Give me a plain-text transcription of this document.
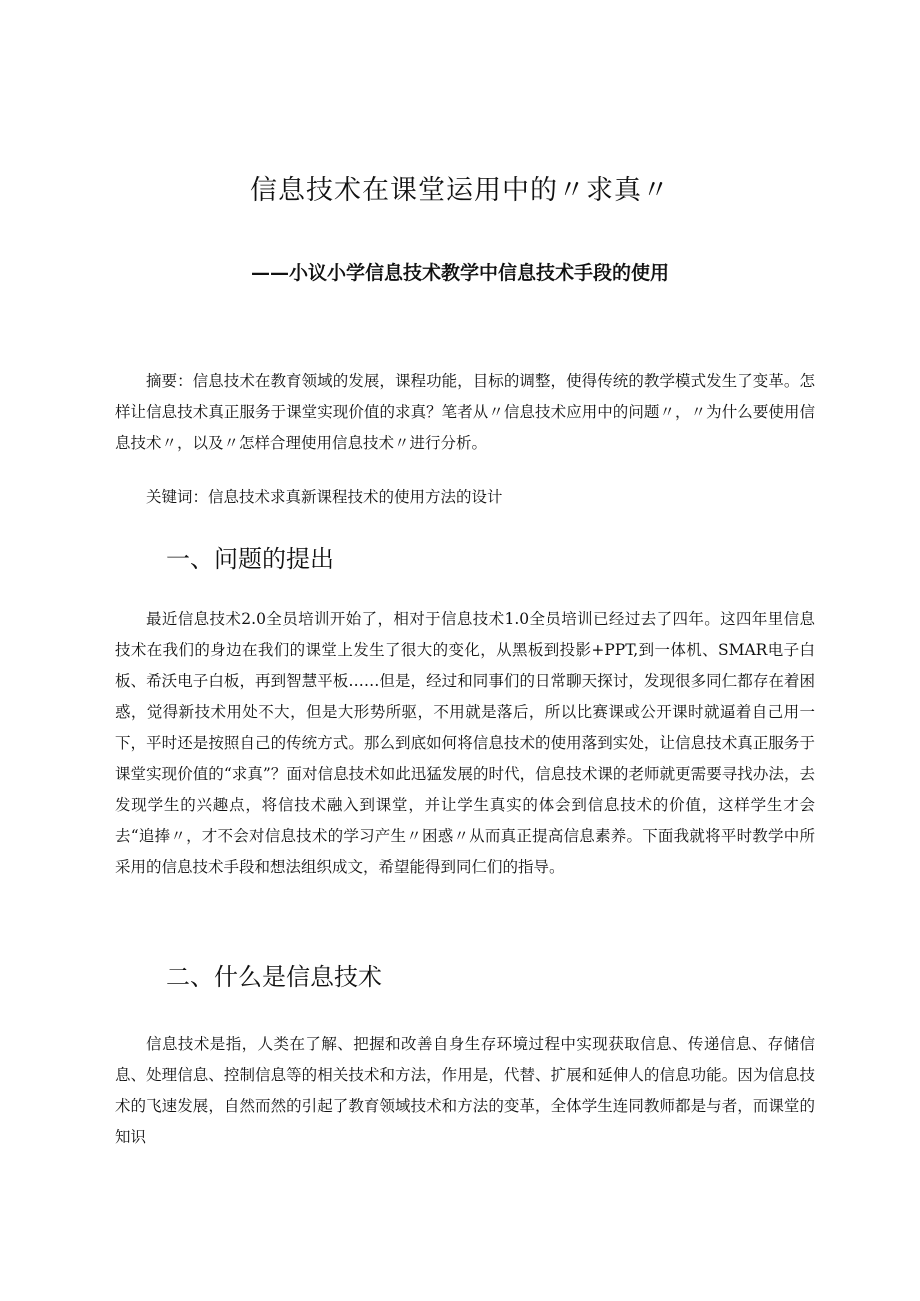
信息技术在课堂运用中的〃求真〃
——小议小学信息技术教学中信息技术手段的使用

摘要：信息技术在教育领域的发展，课程功能，目标的调整，使得传统的教学模式发生了变革。怎样让信息技术真正服务于课堂实现价值的求真？笔者从〃信息技术应用中的问题〃，〃为什么要使用信息技术〃，以及〃怎样合理使用信息技术〃进行分析。

关键词：信息技术求真新课程技术的使用方法的设计

一、问题的提出

最近信息技术2.0全员培训开始了，相对于信息技术1.0全员培训已经过去了四年。这四年里信息技术在我们的身边在我们的课堂上发生了很大的变化，从黑板到投影+PPT,到一体机、SMAR电子白板、希沃电子白板，再到智慧平板……但是，经过和同事们的日常聊天探讨，发现很多同仁都存在着困惑，觉得新技术用处不大，但是大形势所驱，不用就是落后，所以比赛课或公开课时就逼着自己用一下，平时还是按照自己的传统方式。那么到底如何将信息技术的使用落到实处，让信息技术真正服务于课堂实现价值的“求真”？面对信息技术如此迅猛发展的时代，信息技术课的老师就更需要寻找办法，去发现学生的兴趣点，将信技术融入到课堂，并让学生真实的体会到信息技术的价值，这样学生才会去“追捧〃，才不会对信息技术的学习产生〃困惑〃从而真正提高信息素养。下面我就将平时教学中所采用的信息技术手段和想法组织成文，希望能得到同仁们的指导。

二、什么是信息技术

信息技术是指，人类在了解、把握和改善自身生存环境过程中实现获取信息、传递信息、存储信息、处理信息、控制信息等的相关技术和方法，作用是，代替、扩展和延伸人的信息功能。因为信息技术的飞速发展，自然而然的引起了教育领域技术和方法的变革，全体学生连同教师都是与者，而课堂的知识
